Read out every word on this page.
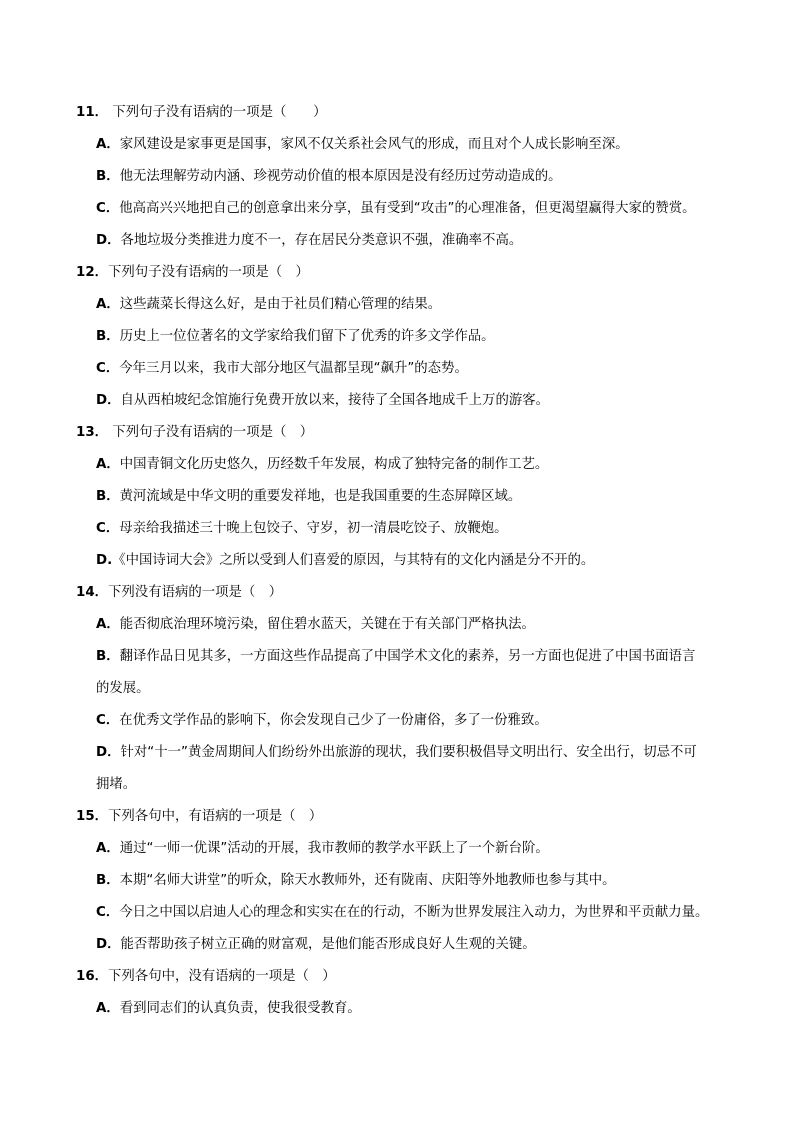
11． 下列句子没有语病的一项是（　　）
A．家风建设是家事更是国事，家风不仅关系社会风气的形成，而且对个人成长影响至深。
B．他无法理解劳动内涵、珍视劳动价值的根本原因是没有经历过劳动造成的。
C．他高高兴兴地把自己的创意拿出来分享，虽有受到“攻击”的心理准备，但更渴望赢得大家的赞赏。
D．各地垃圾分类推进力度不一，存在居民分类意识不强，准确率不高。
12．下列句子没有语病的一项是（　）
A．这些蔬菜长得这么好，是由于社员们精心管理的结果。
B．历史上一位位著名的文学家给我们留下了优秀的许多文学作品。
C．今年三月以来，我市大部分地区气温都呈现“飙升”的态势。
D．自从西柏坡纪念馆施行免费开放以来，接待了全国各地成千上万的游客。
13． 下列句子没有语病的一项是（　）
A．中国青铜文化历史悠久，历经数千年发展，构成了独特完备的制作工艺。
B．黄河流域是中华文明的重要发祥地，也是我国重要的生态屏障区域。
C．母亲给我描述三十晚上包饺子、守岁，初一清晨吃饺子、放鞭炮。
D.《中国诗词大会》之所以受到人们喜爱的原因，与其特有的文化内涵是分不开的。
14．下列没有语病的一项是（　）
A．能否彻底治理环境污染，留住碧水蓝天，关键在于有关部门严格执法。
B．翻译作品日见其多，一方面这些作品提高了中国学术文化的素养，另一方面也促进了中国书面语言
的发展。
C．在优秀文学作品的影响下，你会发现自己少了一份庸俗，多了一份雅致。
D．针对“十一”黄金周期间人们纷纷外出旅游的现状，我们要积极倡导文明出行、安全出行，切忌不可
拥堵。
15．下列各句中，有语病的一项是（　）
A．通过“一师一优课”活动的开展，我市教师的教学水平跃上了一个新台阶。
B．本期“名师大讲堂”的听众，除天水教师外，还有陇南、庆阳等外地教师也参与其中。
C．今日之中国以启迪人心的理念和实实在在的行动，不断为世界发展注入动力，为世界和平贡献力量。
D．能否帮助孩子树立正确的财富观，是他们能否形成良好人生观的关键。
16．下列各句中，没有语病的一项是（　）
A．看到同志们的认真负责，使我很受教育。
